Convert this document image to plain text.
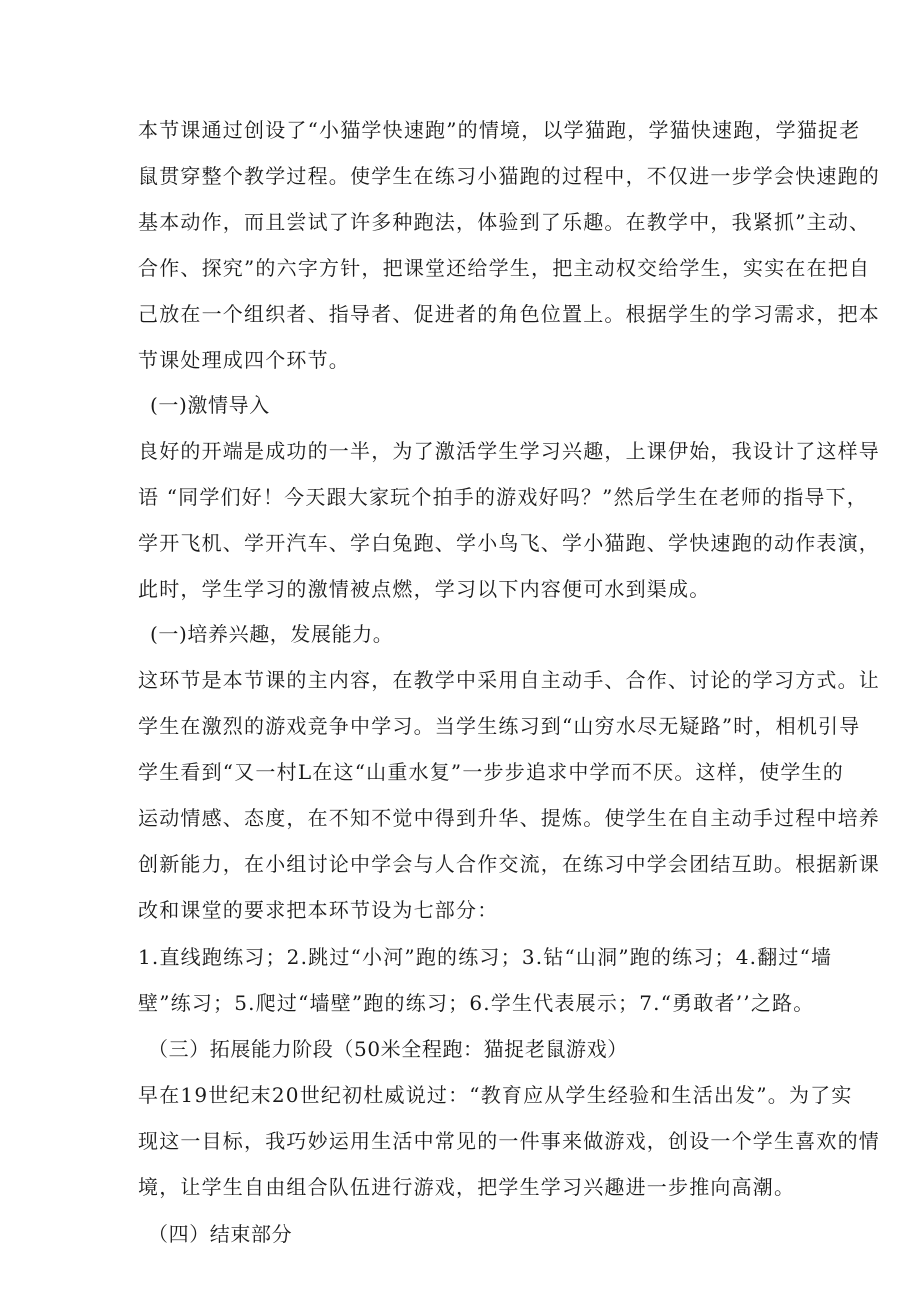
本节课通过创设了“小猫学快速跑”的情境，以学猫跑，学猫快速跑，学猫捉老
鼠贯穿整个教学过程。使学生在练习小猫跑的过程中，不仅进一步学会快速跑的
基本动作，而且尝试了许多种跑法，体验到了乐趣。在教学中，我紧抓”主动、
合作、探究”的六字方针，把课堂还给学生，把主动权交给学生，实实在在把自
己放在一个组织者、指导者、促进者的角色位置上。根据学生的学习需求，把本
节课处理成四个环节。
(一)激情导入
良好的开端是成功的一半，为了激活学生学习兴趣，上课伊始，我设计了这样导
语 “同学们好！今天跟大家玩个拍手的游戏好吗？”然后学生在老师的指导下，
学开飞机、学开汽车、学白兔跑、学小鸟飞、学小猫跑、学快速跑的动作表演，
此时，学生学习的激情被点燃，学习以下内容便可水到渠成。
(一)培养兴趣，发展能力。
这环节是本节课的主内容，在教学中采用自主动手、合作、讨论的学习方式。让
学生在激烈的游戏竞争中学习。当学生练习到“山穷水尽无疑路”时，相机引导
学生看到“又一村L在这“山重水复”一步步追求中学而不厌。这样，使学生的
运动情感、态度，在不知不觉中得到升华、提炼。使学生在自主动手过程中培养
创新能力，在小组讨论中学会与人合作交流，在练习中学会团结互助。根据新课
改和课堂的要求把本环节设为七部分：
1.直线跑练习；2.跳过“小河”跑的练习；3.钻“山洞”跑的练习；4.翻过“墙
壁”练习；5.爬过“墙壁”跑的练习；6.学生代表展示；7.“勇敢者’’之路。
（三）拓展能力阶段（50米全程跑：猫捉老鼠游戏）
早在19世纪末20世纪初杜威说过：“教育应从学生经验和生活出发”。为了实
现这一目标，我巧妙运用生活中常见的一件事来做游戏，创设一个学生喜欢的情
境，让学生自由组合队伍进行游戏，把学生学习兴趣进一步推向高潮。
（四）结束部分
